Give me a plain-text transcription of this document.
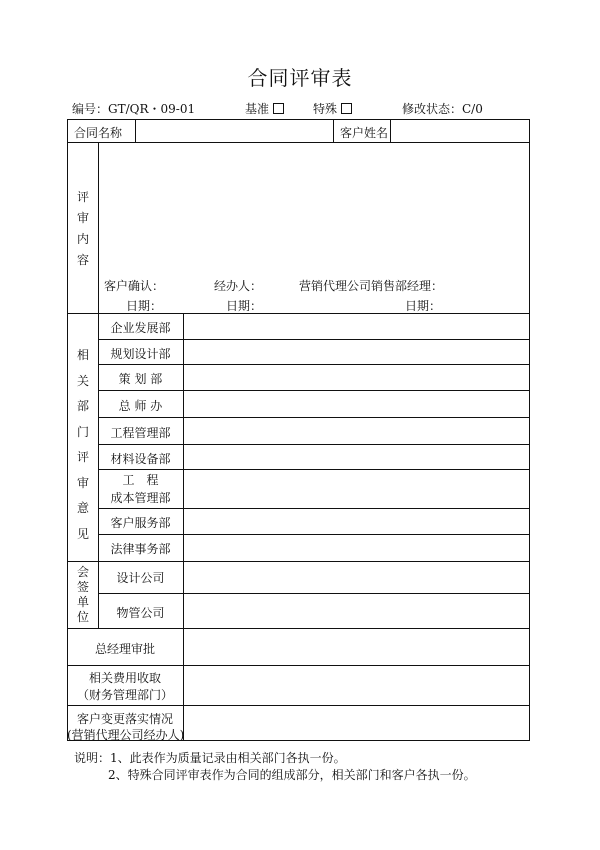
合同评审表
编号：GT/QR・09-01	基准	特殊	修改状态：C/0
合同名称	客户姓名
评审内容
客户确认：	经办人：	营销代理公司销售部经理：
日期：	日期：	日期：
相关部门评审意见
企业发展部
规划设计部
策 划 部
总 师 办
工程管理部
材料设备部
工　程
成本管理部
客户服务部
法律事务部
会签单位
设计公司
物管公司
总经理审批
相关费用收取
（财务管理部门）
客户变更落实情况
(营销代理公司经办人)
说明：1、此表作为质量记录由相关部门各执一份。
2、特殊合同评审表作为合同的组成部分，相关部门和客户各执一份。
